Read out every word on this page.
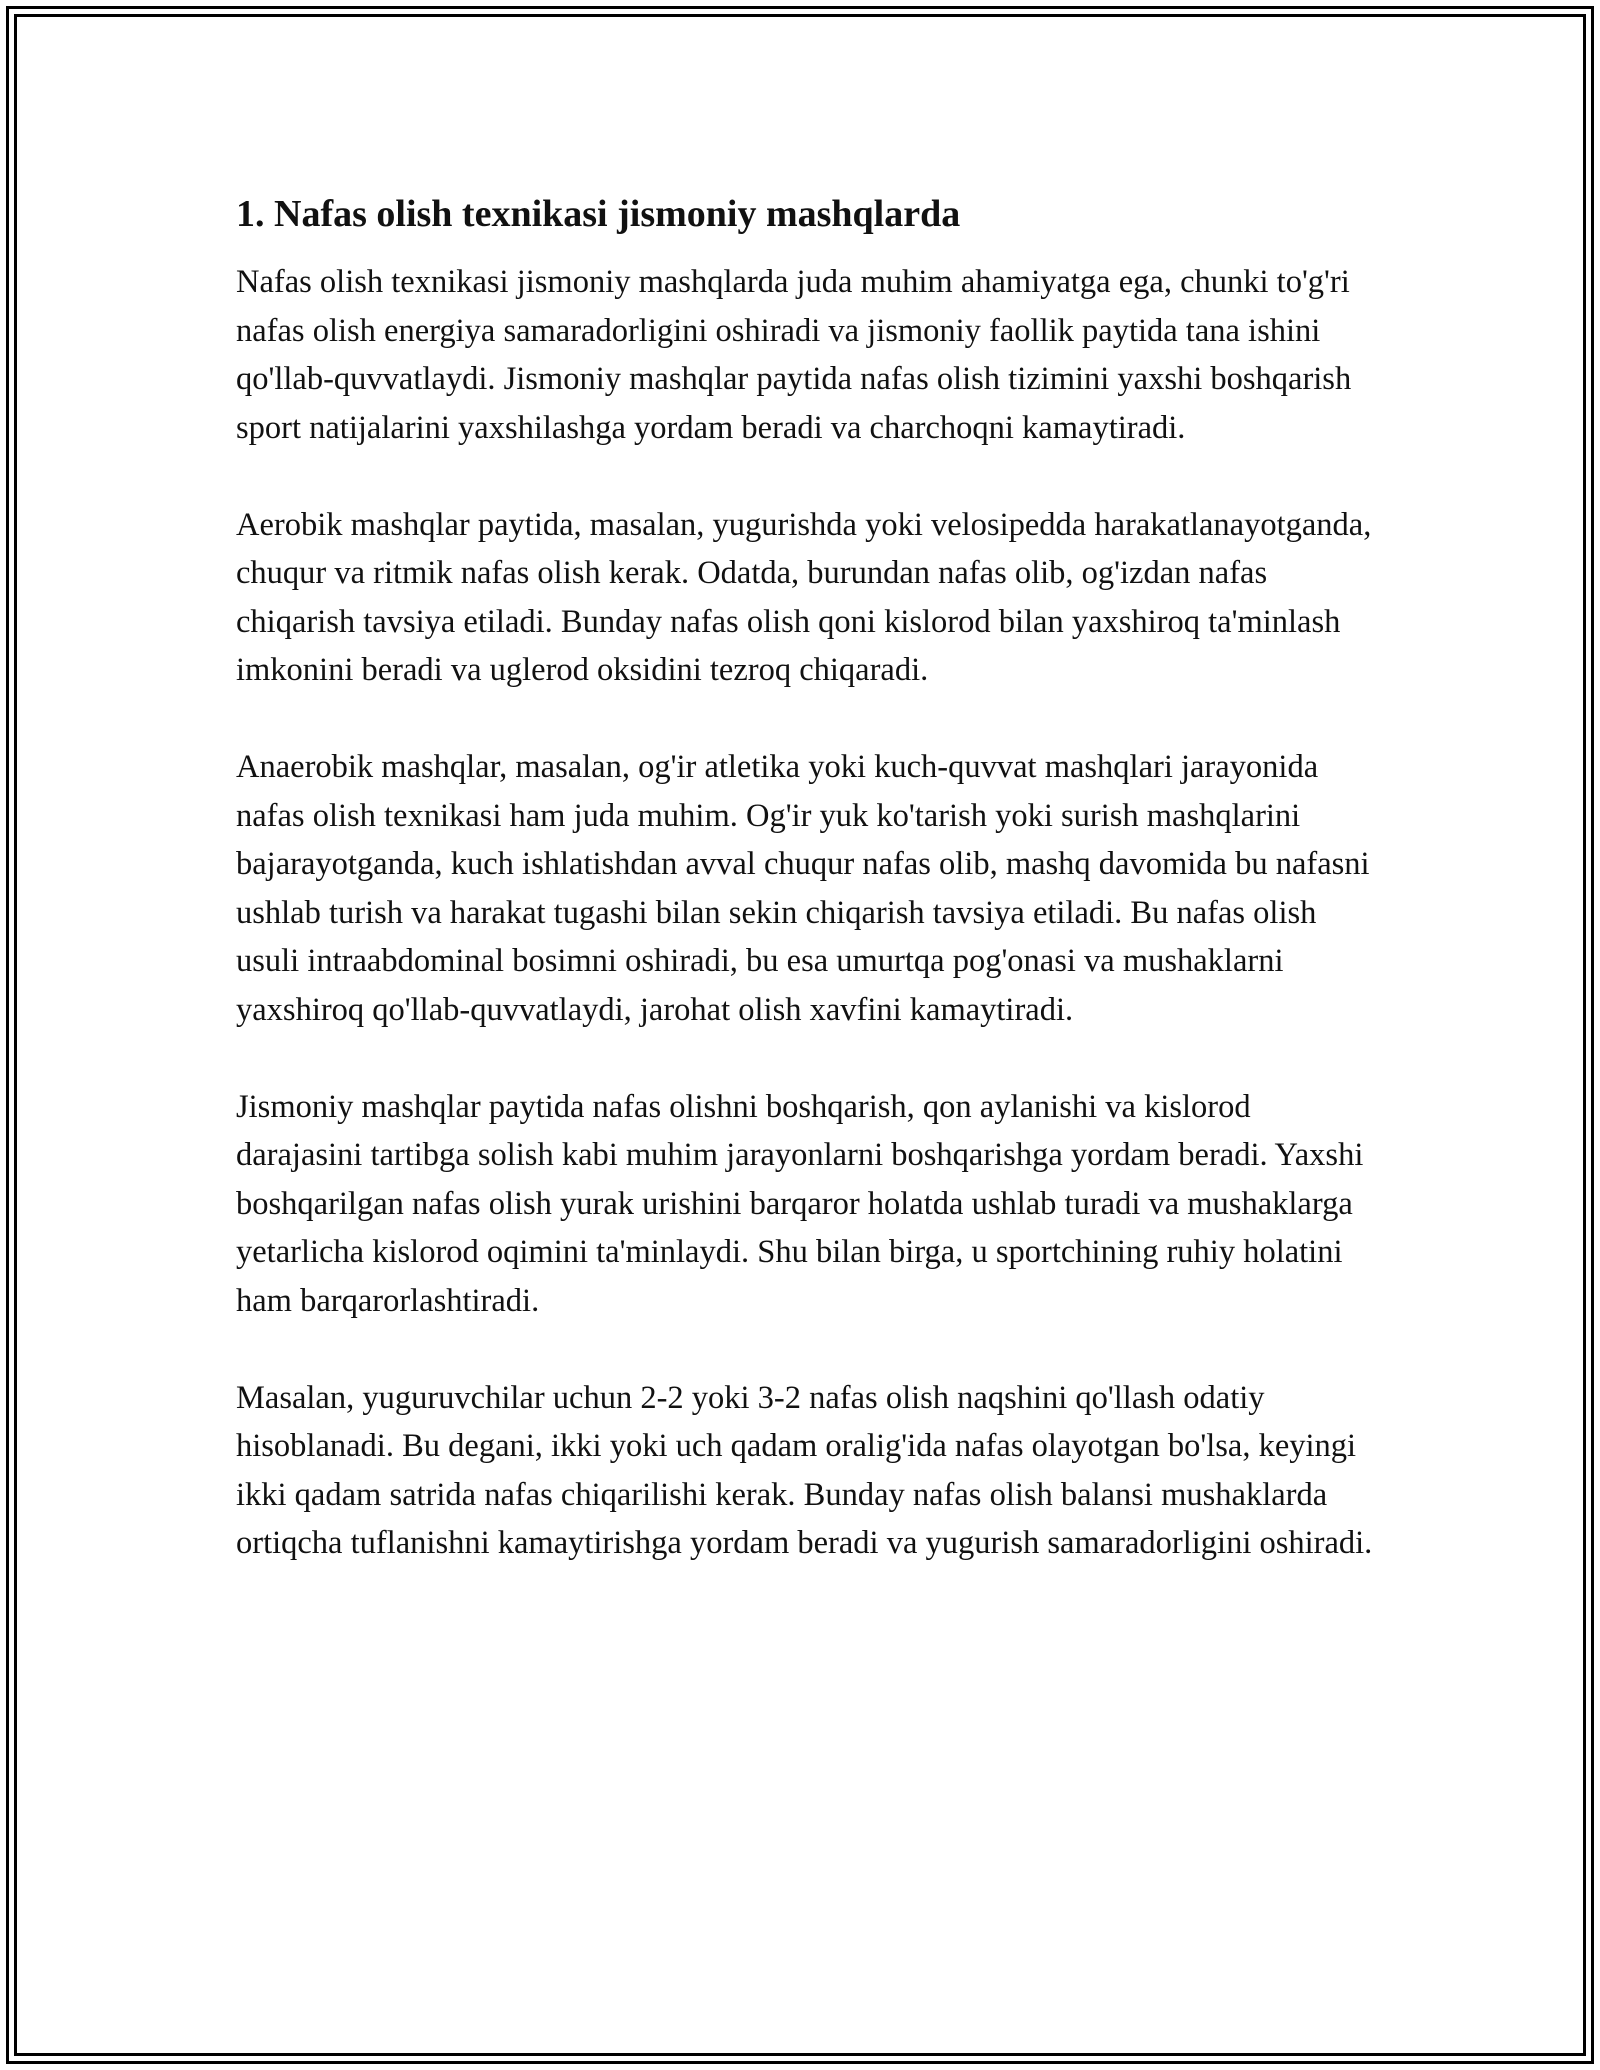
1. Nafas olish texnikasi jismoniy mashqlarda

Nafas olish texnikasi jismoniy mashqlarda juda muhim ahamiyatga ega, chunki to'g'ri nafas olish energiya samaradorligini oshiradi va jismoniy faollik paytida tana ishini qo'llab-quvvatlaydi. Jismoniy mashqlar paytida nafas olish tizimini yaxshi boshqarish sport natijalarini yaxshilashga yordam beradi va charchoqni kamaytiradi.

Aerobik mashqlar paytida, masalan, yugurishda yoki velosipedda harakatlanayotganda, chuqur va ritmik nafas olish kerak. Odatda, burundan nafas olib, og'izdan nafas chiqarish tavsiya etiladi. Bunday nafas olish qoni kislorod bilan yaxshiroq ta'minlash imkonini beradi va uglerod oksidini tezroq chiqaradi.

Anaerobik mashqlar, masalan, og'ir atletika yoki kuch-quvvat mashqlari jarayonida nafas olish texnikasi ham juda muhim. Og'ir yuk ko'tarish yoki surish mashqlarini bajarayotganda, kuch ishlatishdan avval chuqur nafas olib, mashq davomida bu nafasni ushlab turish va harakat tugashi bilan sekin chiqarish tavsiya etiladi. Bu nafas olish usuli intraabdominal bosimni oshiradi, bu esa umurtqa pog'onasi va mushaklarni yaxshiroq qo'llab-quvvatlaydi, jarohat olish xavfini kamaytiradi.

Jismoniy mashqlar paytida nafas olishni boshqarish, qon aylanishi va kislorod darajasini tartibga solish kabi muhim jarayonlarni boshqarishga yordam beradi. Yaxshi boshqarilgan nafas olish yurak urishini barqaror holatda ushlab turadi va mushaklarga yetarlicha kislorod oqimini ta'minlaydi. Shu bilan birga, u sportchining ruhiy holatini ham barqarorlashtiradi.

Masalan, yuguruvchilar uchun 2-2 yoki 3-2 nafas olish naqshini qo'llash odatiy hisoblanadi. Bu degani, ikki yoki uch qadam oralig'ida nafas olayotgan bo'lsa, keyingi ikki qadam satrida nafas chiqarilishi kerak. Bunday nafas olish balansi mushaklarda ortiqcha tuflanishni kamaytirishga yordam beradi va yugurish samaradorligini oshiradi.
